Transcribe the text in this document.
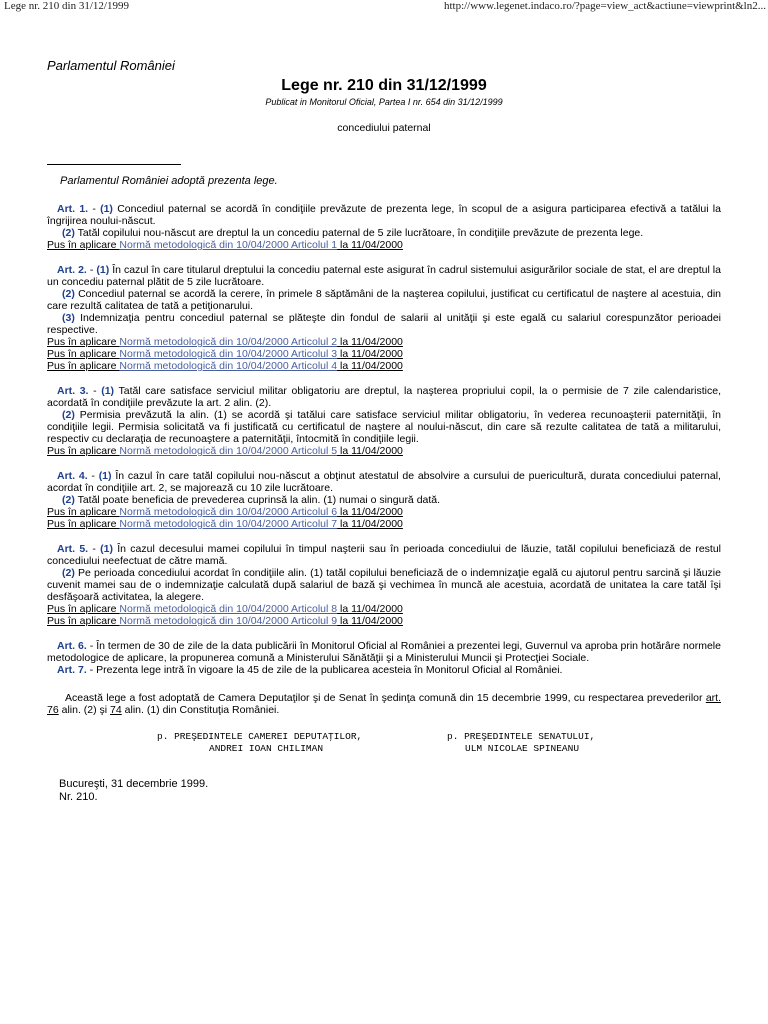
Lege nr. 210 din 31/12/1999	http://www.legenet.indaco.ro/?page=view_act&actiune=viewprint&ln2...
Parlamentul României
Lege nr. 210 din 31/12/1999
Publicat in Monitorul Oficial, Partea I nr. 654 din 31/12/1999
concediului paternal
Parlamentul României adoptă prezenta lege.
Art. 1. - (1) Concediul paternal se acordă în condiţiile prevăzute de prezenta lege, în scopul de a asigura participarea efectivă a tatălui la îngrijirea noului-născut.
(2) Tatăl copilului nou-născut are dreptul la un concediu paternal de 5 zile lucrătoare, în condiţiile prevăzute de prezenta lege.
Pus în aplicare Normă metodologică din 10/04/2000 Articolul 1 la 11/04/2000
Art. 2. - (1) În cazul în care titularul dreptului la concediu paternal este asigurat în cadrul sistemului asigurărilor sociale de stat, el are dreptul la un concediu paternal plătit de 5 zile lucrătoare.
(2) Concediul paternal se acordă la cerere, în primele 8 săptămâni de la naşterea copilului, justificat cu certificatul de naştere al acestuia, din care rezultă calitatea de tată a petiţionarului.
(3) Indemnizaţia pentru concediul paternal se plăteşte din fondul de salarii al unităţii şi este egală cu salariul corespunzător perioadei respective.
Pus în aplicare Normă metodologică din 10/04/2000 Articolul 2 la 11/04/2000
Pus în aplicare Normă metodologică din 10/04/2000 Articolul 3 la 11/04/2000
Pus în aplicare Normă metodologică din 10/04/2000 Articolul 4 la 11/04/2000
Art. 3. - (1) Tatăl care satisface serviciul militar obligatoriu are dreptul, la naşterea propriului copil, la o permisie de 7 zile calendaristice, acordată în condiţiile prevăzute la art. 2 alin. (2).
(2) Permisia prevăzută la alin. (1) se acordă şi tatălui care satisface serviciul militar obligatoriu, în vederea recunoaşterii paternităţii, în condiţiile legii. Permisia solicitată va fi justificată cu certificatul de naştere al noului-născut, din care să rezulte calitatea de tată a militarului, respectiv cu declaraţia de recunoaştere a paternităţii, întocmită în condiţiile legii.
Pus în aplicare Normă metodologică din 10/04/2000 Articolul 5 la 11/04/2000
Art. 4. - (1) În cazul în care tatăl copilului nou-născut a obţinut atestatul de absolvire a cursului de puericultură, durata concediului paternal, acordat în condiţiile art. 2, se majorează cu 10 zile lucrătoare.
(2) Tatăl poate beneficia de prevederea cuprinsă la alin. (1) numai o singură dată.
Pus în aplicare Normă metodologică din 10/04/2000 Articolul 6 la 11/04/2000
Pus în aplicare Normă metodologică din 10/04/2000 Articolul 7 la 11/04/2000
Art. 5. - (1) În cazul decesului mamei copilului în timpul naşterii sau în perioada concediului de lăuzie, tatăl copilului beneficiază de restul concediului neefectuat de către mamă.
(2) Pe perioada concediului acordat în condiţiile alin. (1) tatăl copilului beneficiază de o indemnizaţie egală cu ajutorul pentru sarcină şi lăuzie cuvenit mamei sau de o indemnizaţie calculată după salariul de bază şi vechimea în muncă ale acestuia, acordată de unitatea la care tatăl îşi desfăşoară activitatea, la alegere.
Pus în aplicare Normă metodologică din 10/04/2000 Articolul 8 la 11/04/2000
Pus în aplicare Normă metodologică din 10/04/2000 Articolul 9 la 11/04/2000
Art. 6. - În termen de 30 de zile de la data publicării în Monitorul Oficial al României a prezentei legi, Guvernul va aproba prin hotărâre normele metodologice de aplicare, la propunerea comună a Ministerului Sănătăţii şi a Ministerului Muncii şi Protecţiei Sociale.
Art. 7. - Prezenta lege intră în vigoare la 45 de zile de la publicarea acesteia în Monitorul Oficial al României.
Această lege a fost adoptată de Camera Deputaţilor şi de Senat în şedinţa comună din 15 decembrie 1999, cu respectarea prevederilor art. 76 alin. (2) şi 74 alin. (1) din Constituţia României.
p. PREŞEDINTELE CAMEREI DEPUTAŢILOR,
ANDREI IOAN CHILIMAN
p. PREŞEDINTELE SENATULUI,
ULM NICOLAE SPINEANU
Bucureşti, 31 decembrie 1999.
Nr. 210.
